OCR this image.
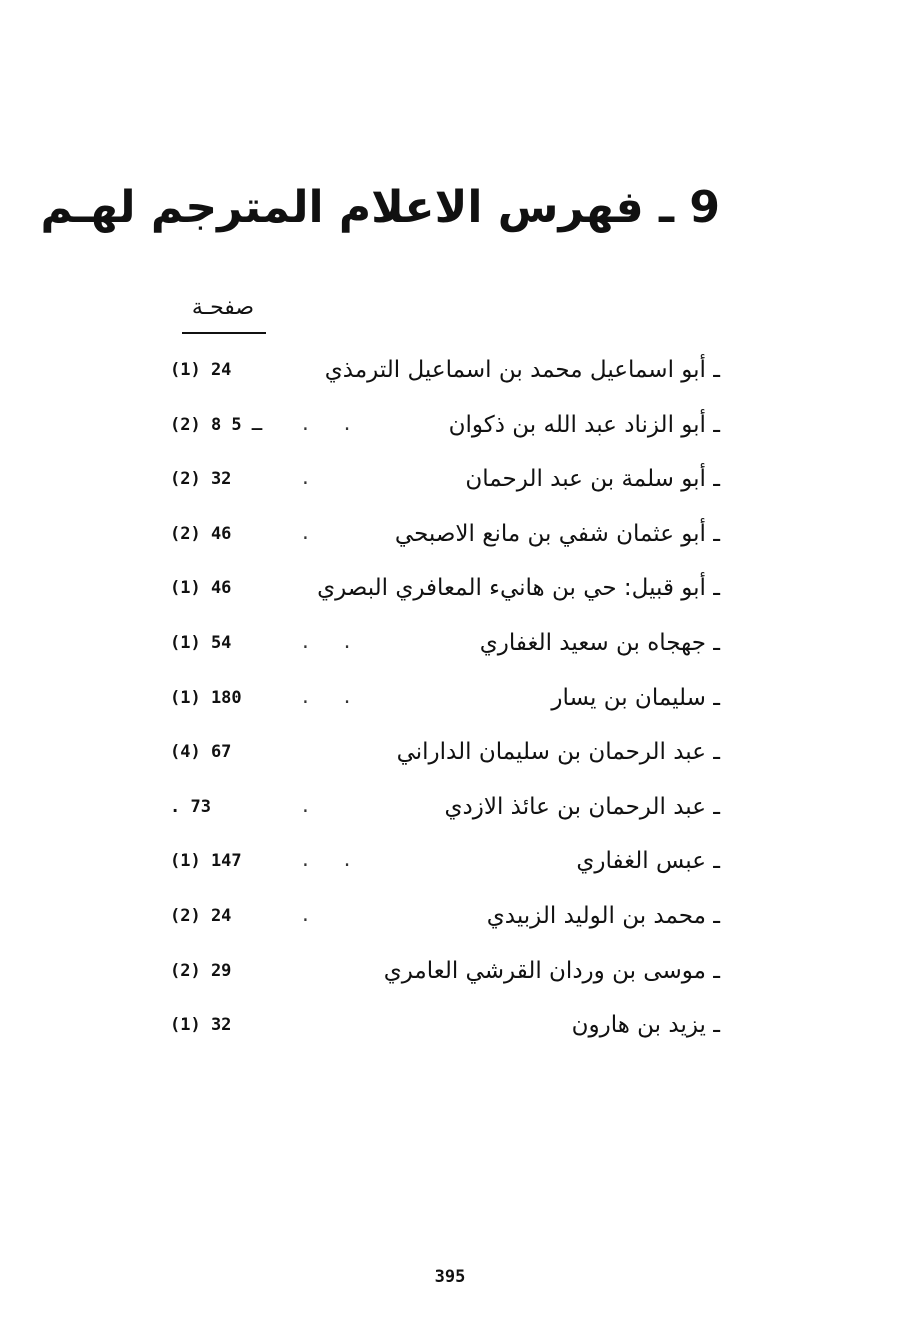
9 ـ فهرس الاعلام المترجم لهـم
صفحـة
ـ أبو اسماعيل محمد بن اسماعيل الترمذي
(1) 24
ـ أبو الزناد عبد الله بن ذكوان
. .
(2) 8 ـ 5
ـ أبو سلمة بن عبد الرحمان
.
(2) 32
ـ أبو عثمان شفي بن مانع الاصبحي
.
(2) 46
ـ أبو قبيل: حي بن هانيء المعافري البصري
(1) 46
ـ جهجاه بن سعيد الغفاري
. .
(1) 54
ـ سليمان بن يسار
. .
(1) 180
ـ عبد الرحمان بن سليمان الداراني
(4) 67
ـ عبد الرحمان بن عائذ الازدي
.
. 73
ـ عبس الغفاري
. .
(1) 147
ـ محمد بن الوليد الزبيدي
.
(2) 24
ـ موسى بن وردان القرشي العامري
(2) 29
ـ يزيد بن هارون
(1) 32
395
